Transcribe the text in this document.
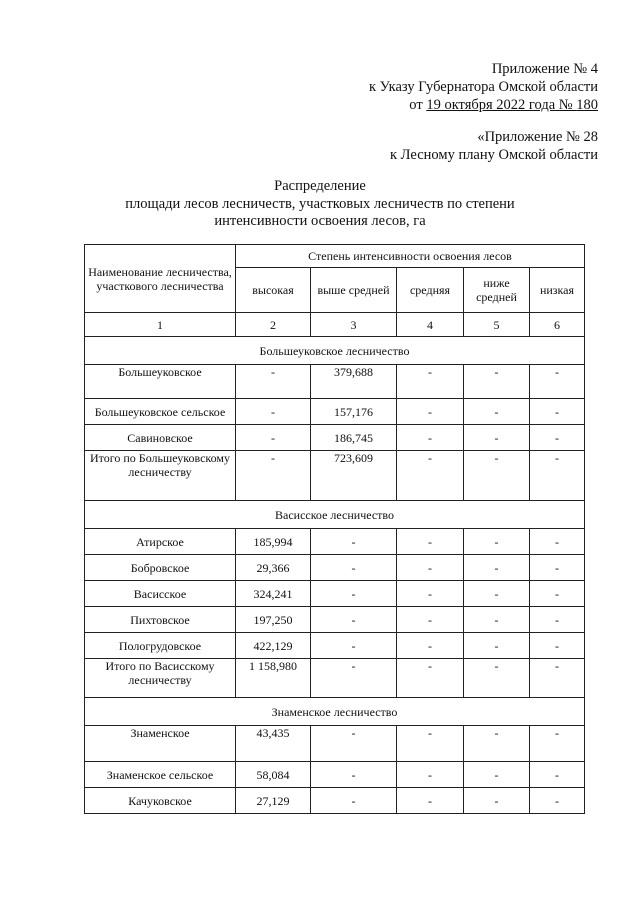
Приложение № 4
к Указу Губернатора Омской области
от 19 октября 2022 года № 180
«Приложение № 28
к Лесному плану Омской области
Распределение
площади лесов лесничеств, участковых лесничеств по степени
интенсивности освоения лесов, га
Наименование лесничества, участкового лесничества	Степень интенсивности освоения лесов				
	высокая	выше средней	средняя	ниже средней	низкая
1	2	3	4	5	6
Большеуковское лесничество					
Большеуковское	-	379,688	-	-	-
Большеуковское сельское	-	157,176	-	-	-
Савиновское	-	186,745	-	-	-
Итого по Большеуковскому лесничеству	-	723,609	-	-	-
Васисское лесничество					
Атирское	185,994	-	-	-	-
Бобровское	29,366	-	-	-	-
Васисское	324,241	-	-	-	-
Пихтовское	197,250	-	-	-	-
Пологрудовское	422,129	-	-	-	-
Итого по Васисскому лесничеству	1 158,980	-	-	-	-
Знаменское лесничество					
Знаменское	43,435	-	-	-	-
Знаменское сельское	58,084	-	-	-	-
Качуковское	27,129	-	-	-	-
